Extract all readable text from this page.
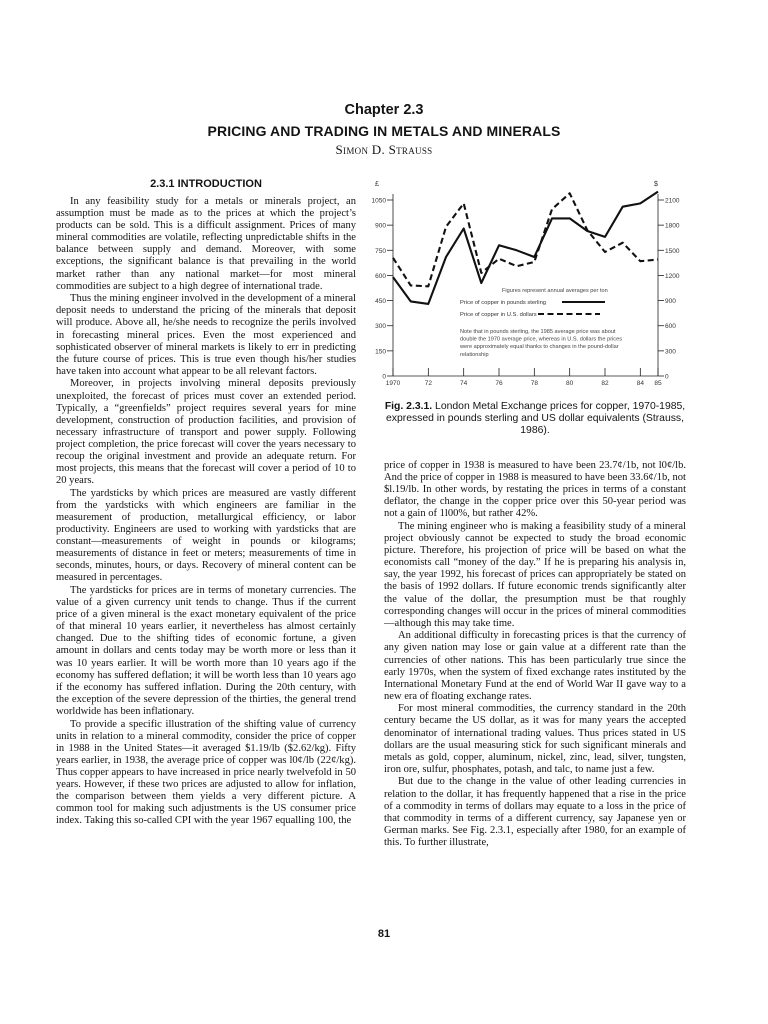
Chapter 2.3
PRICING AND TRADING IN METALS AND MINERALS
Simon D. Strauss
2.3.1 INTRODUCTION

In any feasibility study for a metals or minerals project, an assumption must be made as to the prices at which the project’s products can be sold. This is a difficult assignment. Prices of many mineral commodities are volatile, reflecting unpredictable shifts in the balance between supply and demand. Moreover, with some exceptions, the significant balance is that prevailing in the world market rather than any national market—for most mineral commodities are subject to a high degree of international trade.

Thus the mining engineer involved in the development of a mineral deposit needs to understand the pricing of the minerals that deposit will produce. Above all, he/she needs to recognize the perils involved in forecasting mineral prices. Even the most experienced and sophisticated observer of mineral markets is likely to err in predicting the future course of prices. This is true even though his/her studies have taken into account what appear to be all relevant factors.

Moreover, in projects involving mineral deposits previously unexploited, the forecast of prices must cover an extended period. Typically, a “greenfields” project requires several years for mine development, construction of production facilities, and provision of necessary infrastructure of transport and power supply. Following project completion, the price forecast will cover the years necessary to recoup the original investment and provide an adequate return. For most projects, this means that the forecast will cover a period of 10 to 20 years.

The yardsticks by which prices are measured are vastly different from the yardsticks with which engineers are familiar in the measurement of production, metallurgical efficiency, or labor productivity. Engineers are used to working with yardsticks that are constant—measurements of weight in pounds or kilograms; measurements of distance in feet or meters; measurements of time in seconds, minutes, hours, or days. Recovery of mineral content can be measured in percentages.

The yardsticks for prices are in terms of monetary currencies. The value of a given currency unit tends to change. Thus if the current price of a given mineral is the exact monetary equivalent of the price of that mineral 10 years earlier, it nevertheless has almost certainly changed. Due to the shifting tides of economic fortune, a given amount in dollars and cents today may be worth more or less than it was 10 years earlier. It will be worth more than 10 years ago if the economy has suffered deflation; it will be worth less than 10 years ago if the economy has suffered inflation. During the 20th century, with the exception of the severe depression of the thirties, the general trend worldwide has been inflationary.

To provide a specific illustration of the shifting value of currency units in relation to a mineral commodity, consider the price of copper in 1988 in the United States—it averaged $1.19/lb ($2.62/kg). Fifty years earlier, in 1938, the average price of copper was l0¢/lb (22¢/kg). Thus copper appears to have increased in price nearly twelvefold in 50 years. However, if these two prices are adjusted to allow for inflation, the comparison between them yields a very different picture. A common tool for making such adjustments is the US consumer price index. Taking this so-called CPI with the year 1967 equalling 100, the

£	$
0
150
300
450
600
750
900
1050
0
300
600
900
1200
1500
1800
2100
1970	72	74	76	78	80	82	84 85
Figures represent annual averages per ton
Note that in pounds sterling, the 1985 average price was about
double the 1970 average price, whereas in U.S. dollars the prices
were approximately equal thanks to changes in the pound-dollar
relationship
Price of copper in pounds sterling
Price of copper in U.S. dollars
Fig. 2.3.1. London Metal Exchange prices for copper, 1970-1985, expressed in pounds sterling and US dollar equivalents (Strauss, 1986).

price of copper in 1938 is measured to have been 23.7¢/1b, not l0¢/lb. And the price of copper in 1988 is measured to have been 33.6¢/1b, not $l.19/lb. In other words, by restating the prices in terms of a constant deflator, the change in the copper price over this 50-year period was not a gain of 1l00%, but rather 42%.

The mining engineer who is making a feasibility study of a mineral project obviously cannot be expected to study the broad economic picture. Therefore, his projection of price will be based on what the economists call “money of the day.” If he is preparing his analysis in, say, the year 1992, his forecast of prices can appropriately be stated on the basis of 1992 dollars. If future economic trends significantly alter the value of the dollar, the presumption must be that roughly corresponding changes will occur in the prices of mineral commodities—although this may take time.

An additional difficulty in forecasting prices is that the currency of any given nation may lose or gain value at a different rate than the currencies of other nations. This has been particularly true since the early 1970s, when the system of fixed exchange rates instituted by the International Monetary Fund at the end of World War II gave way to a new era of floating exchange rates.

For most mineral commodities, the currency standard in the 20th century became the US dollar, as it was for many years the accepted denominator of international trading values. Thus prices stated in US dollars are the usual measuring stick for such significant minerals and metals as gold, copper, aluminum, nickel, zinc, lead, silver, tungsten, iron ore, sulfur, phosphates, potash, and talc, to name just a few.

But due to the change in the value of other leading currencies in relation to the dollar, it has frequently happened that a rise in the price of a commodity in terms of dollars may equate to a loss in the price of that commodity in terms of a different currency, say Japanese yen or German marks. See Fig. 2.3.1, especially after 1980, for an example of this. To further illustrate,

81
